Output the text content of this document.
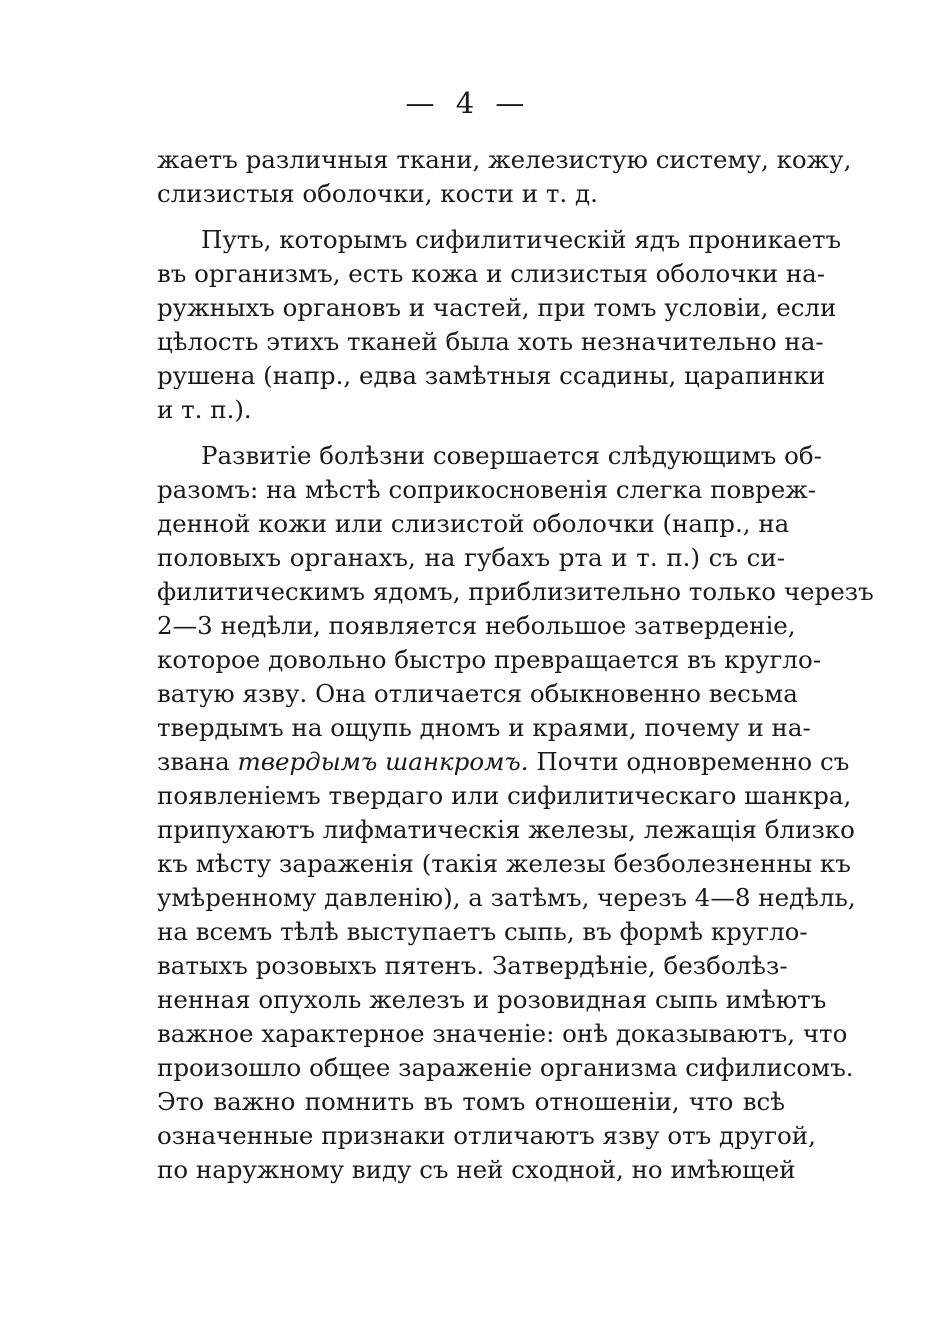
— 4 —
жаетъ различныя ткани, железистую систему, кожу,
слизистыя оболочки, кости и т. д.
Путь, которымъ сифилитическій ядъ проникаетъ
въ организмъ, есть кожа и слизистыя оболочки на-
ружныхъ органовъ и частей, при томъ условіи, если
цѣлость этихъ тканей была хоть незначительно на-
рушена (напр., едва замѣтныя ссадины, царапинки
и т. п.).
Развитіе болѣзни совершается слѣдующимъ об-
разомъ: на мѣстѣ соприкосновенія слегка повреж-
денной кожи или слизистой оболочки (напр., на
половыхъ органахъ, на губахъ рта и т. п.) съ си-
филитическимъ ядомъ, приблизительно только черезъ
2—3 недѣли, появляется небольшое затверденіе,
которое довольно быстро превращается въ кругло-
ватую язву. Она отличается обыкновенно весьма
твердымъ на ощупь дномъ и краями, почему и на-
звана твердымъ шанкромъ. Почти одновременно съ
появленіемъ твердаго или сифилитическаго шанкра,
припухаютъ лифматическія железы, лежащія близко
къ мѣсту зараженія (такія железы безболезненны къ
умѣренному давленію), а затѣмъ, черезъ 4—8 недѣль,
на всемъ тѣлѣ выступаетъ сыпь, въ формѣ кругло-
ватыхъ розовыхъ пятенъ. Затвердѣніе, безболѣз-
ненная опухоль железъ и розовидная сыпь имѣютъ
важное характерное значеніе: онѣ доказываютъ, что
произошло общее зараженіе организма сифилисомъ.
Это важно помнить въ томъ отношеніи, что всѣ
означенные признаки отличаютъ язву отъ другой,
по наружному виду съ ней сходной, но имѣющей
